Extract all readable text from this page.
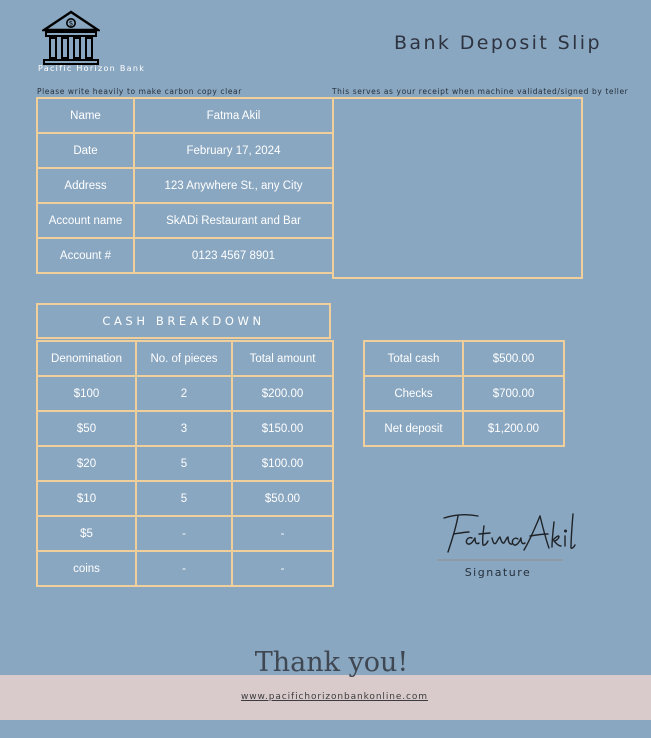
$
Pacific Horizon Bank
Bank Deposit Slip
Please write heavily to make carbon copy clear	This serves as your receipt when machine validated/signed by teller
Name	Fatma Akil
Date	February 17, 2024
Address	123 Anywhere St., any City
Account name	SkADi Restaurant and Bar
Account #	0123 4567 8901
CASH BREAKDOWN
Denomination	No. of pieces	Total amount
$100	2	$200.00
$50	3	$150.00
$20	5	$100.00
$10	5	$50.00
$5	-	-
coins	-	-
Total cash	$500.00
Checks	$700.00
Net deposit	$1,200.00
Signature
Thank you!
www.pacifichorizonbankonline.com
